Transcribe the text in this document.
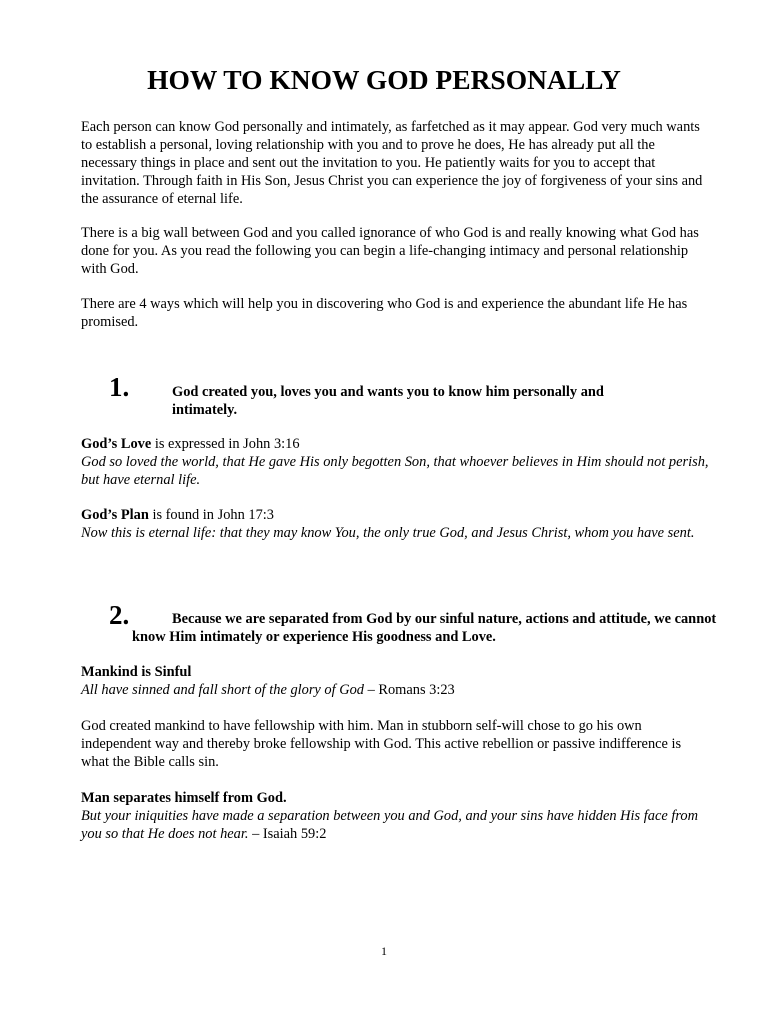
HOW TO KNOW GOD PERSONALLY

Each person can know God personally and intimately, as farfetched as it may appear. God very much wants to establish a personal, loving relationship with you and to prove he does, He has already put all the necessary things in place and sent out the invitation to you. He patiently waits for you to accept that invitation. Through faith in His Son, Jesus Christ you can experience the joy of forgiveness of your sins and the assurance of eternal life.

There is a big wall between God and you called ignorance of who God is and really knowing what God has done for you. As you read the following you can begin a life-changing intimacy and personal relationship with God.

There are 4 ways which will help you in discovering who God is and experience the abundant life He has promised.

1.	God created you, loves you and wants you to know him personally and intimately.

God’s Love is expressed in John 3:16

God so loved the world, that He gave His only begotten Son, that whoever believes in Him should not perish, but have eternal life.

God’s Plan is found in John 17:3

Now this is eternal life: that they may know You, the only true God, and Jesus Christ, whom you have sent.

2.	Because we are separated from God by our sinful nature, actions and attitude, we cannot know Him intimately or experience His goodness and Love.

Mankind is Sinful

All have sinned and fall short of the glory of God – Romans 3:23

God created mankind to have fellowship with him. Man in stubborn self-will chose to go his own independent way and thereby broke fellowship with God. This active rebellion or passive indifference is what the Bible calls sin.

Man separates himself from God.

But your iniquities have made a separation between you and God, and your sins have hidden His face from you so that He does not hear. – Isaiah 59:2

1
